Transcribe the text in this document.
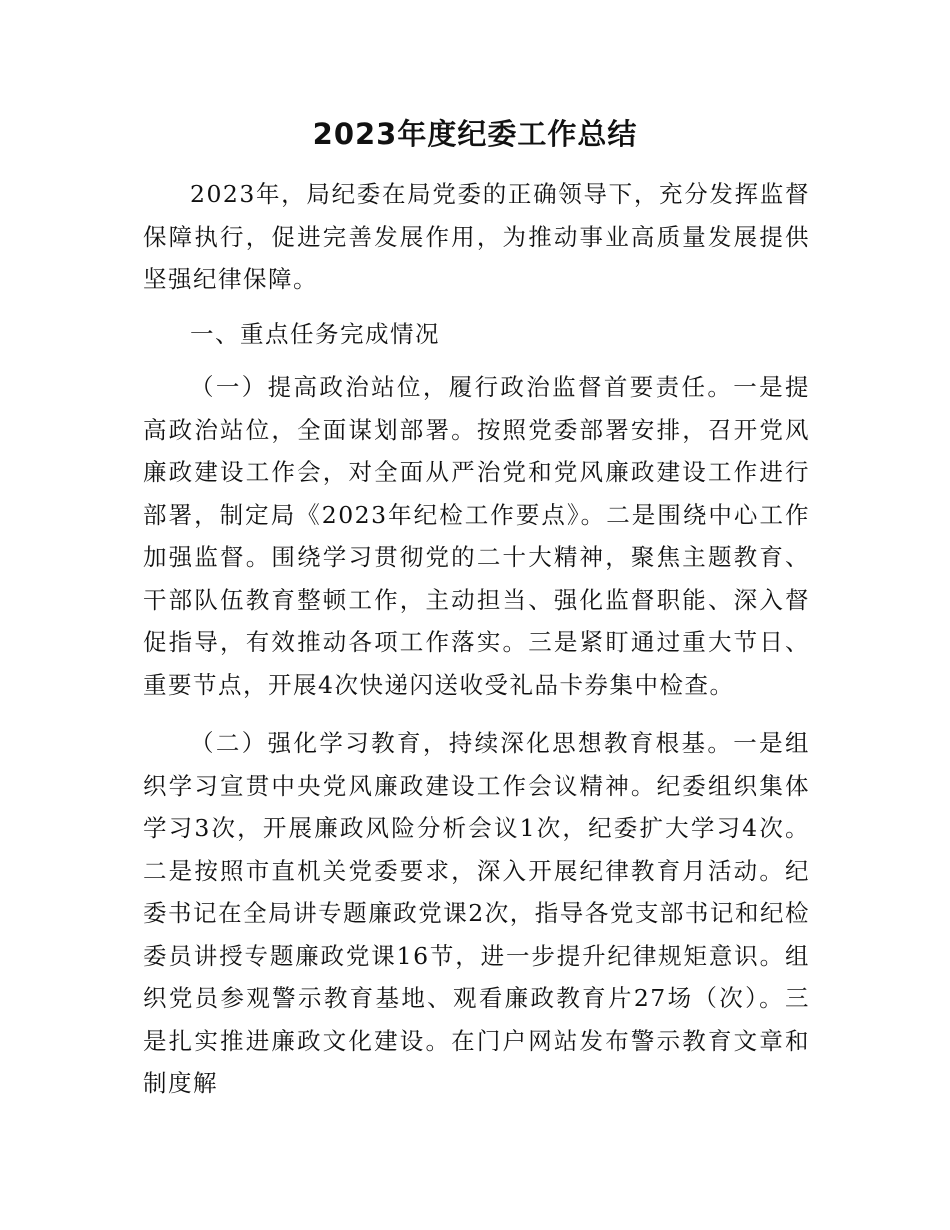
2023年度纪委工作总结

2023年，局纪委在局党委的正确领导下，充分发挥监督保障执行，促进完善发展作用，为推动事业高质量发展提供坚强纪律保障。

一、重点任务完成情况

（一）提高政治站位，履行政治监督首要责任。一是提高政治站位，全面谋划部署。按照党委部署安排，召开党风廉政建设工作会，对全面从严治党和党风廉政建设工作进行部署，制定局《2023年纪检工作要点》。二是围绕中心工作加强监督。围绕学习贯彻党的二十大精神，聚焦主题教育、干部队伍教育整顿工作，主动担当、强化监督职能、深入督促指导，有效推动各项工作落实。三是紧盯通过重大节日、重要节点，开展4次快递闪送收受礼品卡券集中检查。

（二）强化学习教育，持续深化思想教育根基。一是组织学习宣贯中央党风廉政建设工作会议精神。纪委组织集体学习3次，开展廉政风险分析会议1次，纪委扩大学习4次。二是按照市直机关党委要求，深入开展纪律教育月活动。纪委书记在全局讲专题廉政党课2次，指导各党支部书记和纪检委员讲授专题廉政党课16节，进一步提升纪律规矩意识。组织党员参观警示教育基地、观看廉政教育片27场（次）。三是扎实推进廉政文化建设。在门户网站发布警示教育文章和制度解
